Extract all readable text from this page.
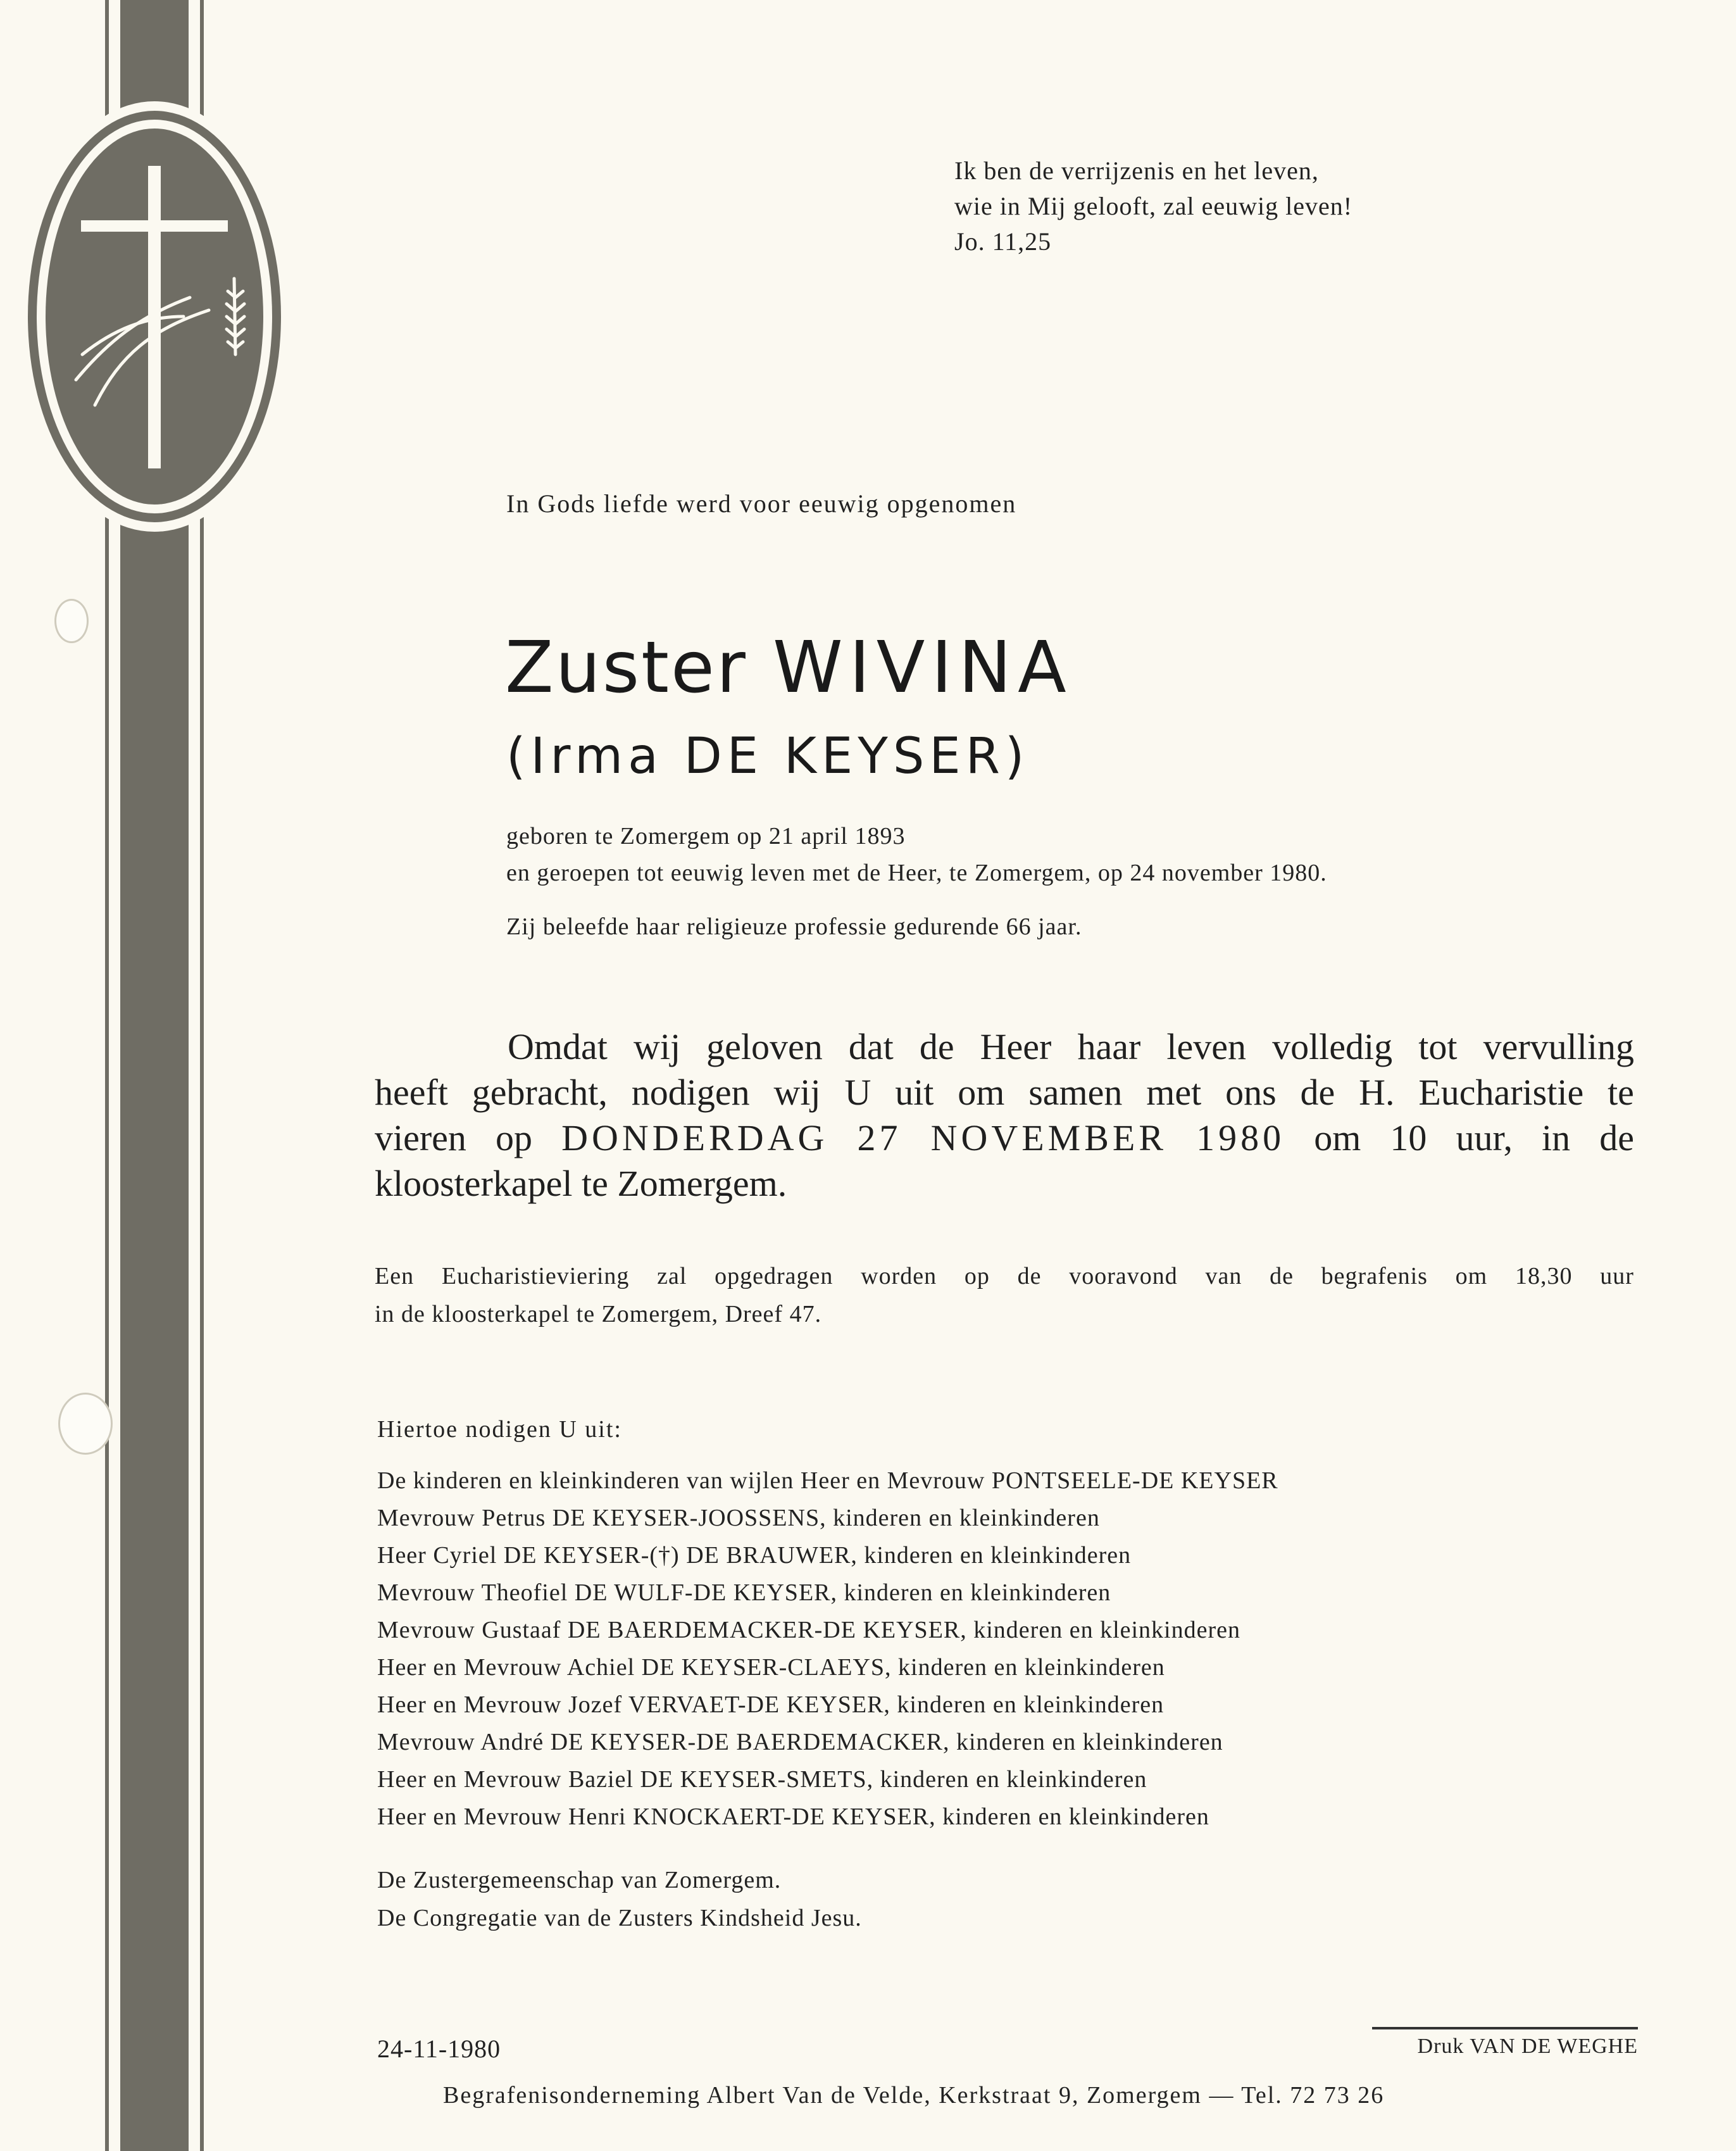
Ik ben de verrijzenis en het leven,
wie in Mij gelooft, zal eeuwig leven!
Jo. 11,25

In Gods liefde werd voor eeuwig opgenomen

Zuster WIVINA

(Irma DE KEYSER)

geboren te Zomergem op 21 april 1893
en geroepen tot eeuwig leven met de Heer, te Zomergem, op 24 november 1980.

Zij beleefde haar religieuze professie gedurende 66 jaar.

Omdat wij geloven dat de Heer haar leven volledig tot vervulling
heeft gebracht, nodigen wij U uit om samen met ons de H. Eucharistie te
vieren op DONDERDAG 27 NOVEMBER 1980 om 10 uur, in de
kloosterkapel te Zomergem.
Een Eucharistieviering zal opgedragen worden op de vooravond van de begrafenis om 18,30 uur
in de kloosterkapel te Zomergem, Dreef 47.

Hiertoe nodigen U uit:

De kinderen en kleinkinderen van wijlen Heer en Mevrouw PONTSEELE-DE KEYSER
Mevrouw Petrus DE KEYSER-JOOSSENS, kinderen en kleinkinderen
Heer Cyriel DE KEYSER-(†) DE BRAUWER, kinderen en kleinkinderen
Mevrouw Theofiel DE WULF-DE KEYSER, kinderen en kleinkinderen
Mevrouw Gustaaf DE BAERDEMACKER-DE KEYSER, kinderen en kleinkinderen
Heer en Mevrouw Achiel DE KEYSER-CLAEYS, kinderen en kleinkinderen
Heer en Mevrouw Jozef VERVAET-DE KEYSER, kinderen en kleinkinderen
Mevrouw André DE KEYSER-DE BAERDEMACKER, kinderen en kleinkinderen
Heer en Mevrouw Baziel DE KEYSER-SMETS, kinderen en kleinkinderen
Heer en Mevrouw Henri KNOCKAERT-DE KEYSER, kinderen en kleinkinderen
De Zustergemeenschap van Zomergem.
De Congregatie van de Zusters Kindsheid Jesu.

24-11-1980	Druk VAN DE WEGHE

Begrafenisonderneming Albert Van de Velde, Kerkstraat 9, Zomergem — Tel. 72 73 26
